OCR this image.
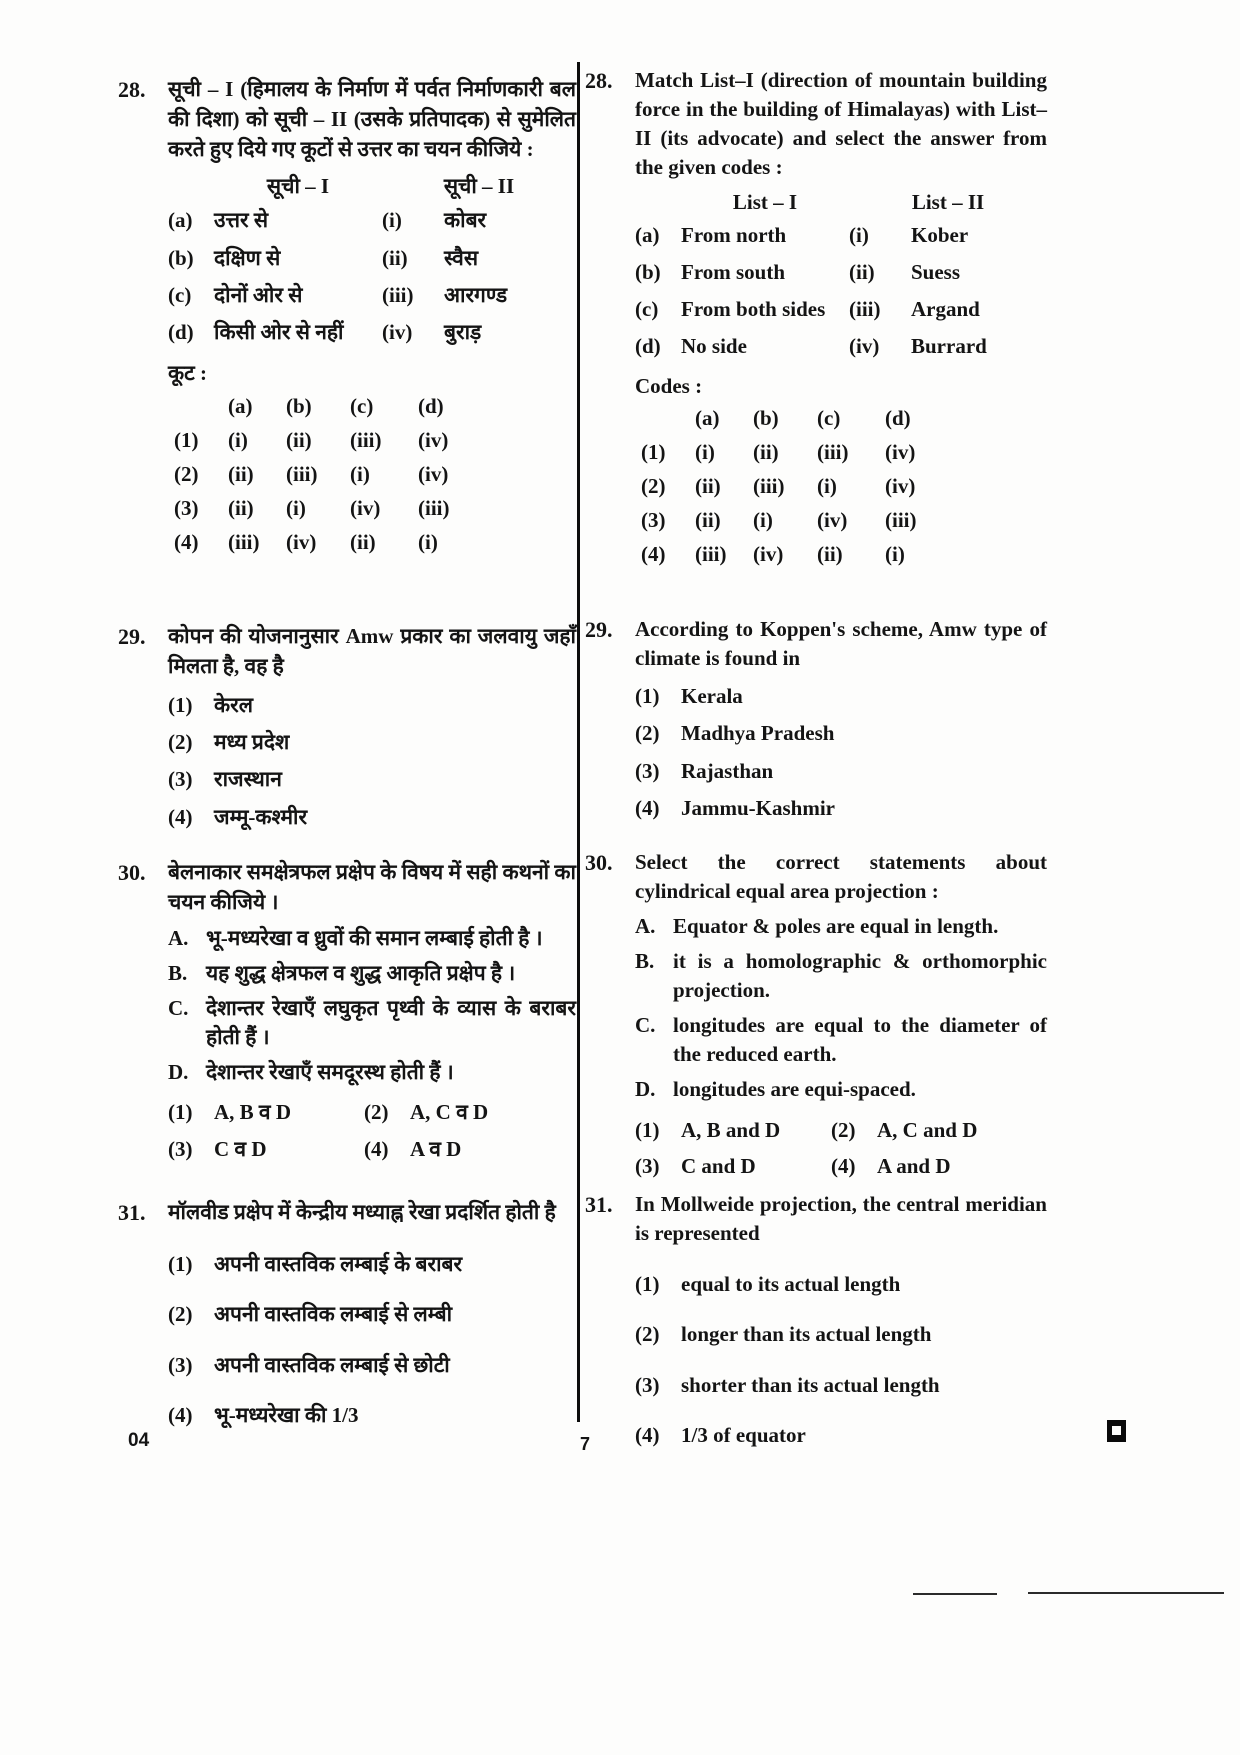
28.	सूची – I (हिमालय के निर्माण में पर्वत निर्माणकारी बल की दिशा) को सूची – II (उसके प्रतिपादक) से सुमेलित करते हुए दिये गए कूटों से उत्तर का चयन कीजिये :

सूची – I	सूची – II
(a)	उत्तर से	(i)	कोबर
(b) दक्षिण से	(ii)	स्वैस
(c)	दोनों ओर से	(iii)	आरगण्ड
(d) किसी ओर से नहीं	(iv)	बुराड़

कूट :

(a)	(b)	(c)	(d)
(1)	(i)	(ii)	(iii)	(iv)
(2)	(ii)	(iii)	(i)	(iv)
(3)	(ii)	(i)	(iv)	(iii)
(4)	(iii)	(iv)	(ii)	(i)
29.	कोपन की योजनानुसार Amw प्रकार का जलवायु जहाँ मिलता है, वह है

(1)	केरल
(2)	मध्य प्रदेश
(3)	राजस्थान
(4)	जम्मू-कश्मीर
30.	बेलनाकार समक्षेत्रफल प्रक्षेप के विषय में सही कथनों का चयन कीजिये ।

A. भू-मध्यरेखा व ध्रुवों की समान लम्बाई होती है ।
B. यह शुद्ध क्षेत्रफल व शुद्ध आकृति प्रक्षेप है ।
C. देशान्तर रेखाएँ लघुकृत पृथ्वी के व्यास के बराबर होती हैं ।
D. देशान्तर रेखाएँ समदूरस्थ होती हैं ।
(1)	A, B व D	(2)	A, C व D
(3)	C व D	(4)	A व D
31.	मॉलवीड प्रक्षेप में केन्द्रीय मध्याह्न रेखा प्रदर्शित होती है

(1)	अपनी वास्तविक लम्बाई के बराबर
(2)	अपनी वास्तविक लम्बाई से लम्बी
(3)	अपनी वास्तविक लम्बाई से छोटी
(4)	भू-मध्यरेखा की 1/3
28.	Match List–I (direction of mountain building force in the building of Himalayas) with List–II (its advocate) and select the answer from the given codes :

List – I	List – II
(a)	From north	(i)	Kober
(b) From south	(ii)	Suess
(c)	From both sides	(iii)	Argand
(d) No side	(iv)	Burrard

Codes :

(a)	(b)	(c)	(d)
(1)	(i)	(ii)	(iii)	(iv)
(2)	(ii)	(iii)	(i)	(iv)
(3)	(ii)	(i)	(iv)	(iii)
(4)	(iii)	(iv)	(ii)	(i)
29.	According to Koppen's scheme, Amw type of climate is found in

(1)	Kerala
(2)	Madhya Pradesh
(3)	Rajasthan
(4)	Jammu-Kashmir
30.	Select the correct statements about cylindrical equal area projection :

A. Equator & poles are equal in length.
B. it is a homolographic & orthomorphic projection.
C. longitudes are equal to the diameter of the reduced earth.
D. longitudes are equi-spaced.
(1)	A, B and D	(2)	A, C and D
(3)	C and D	(4)	A and D
31.	In Mollweide projection, the central meridian is represented

(1)	equal to its actual length
(2)	longer than its actual length
(3)	shorter than its actual length
(4)	1/3 of equator
04	7
